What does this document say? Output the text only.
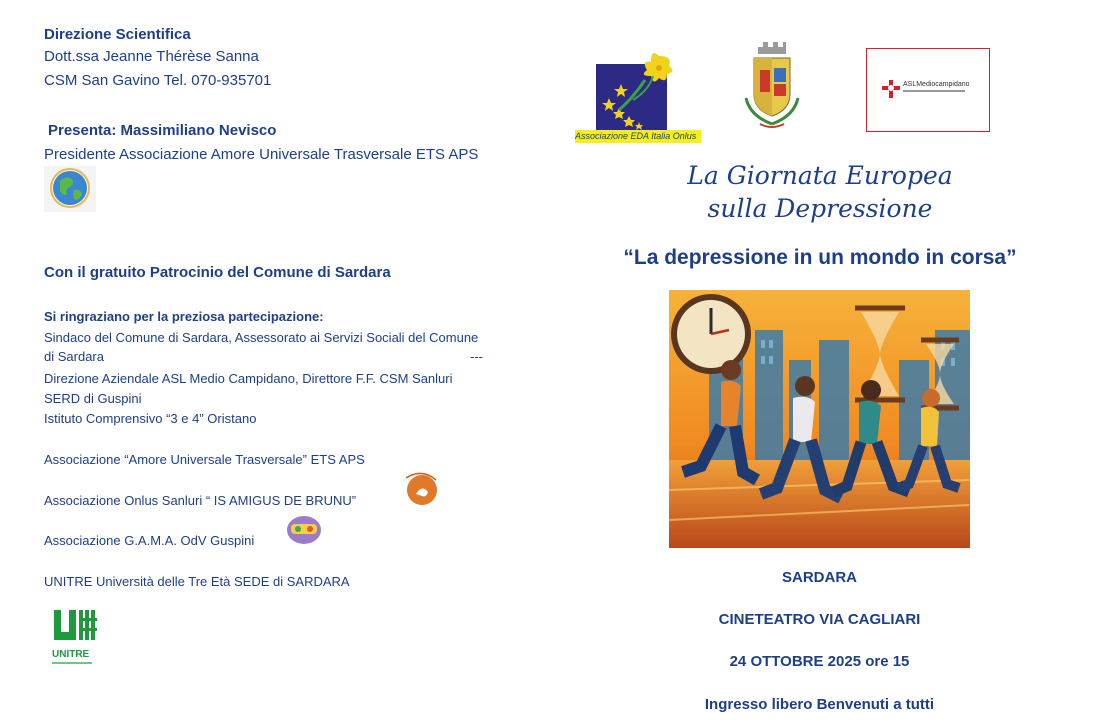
Direzione Scientifica
Dott.ssa Jeanne Thérèse Sanna
CSM San Gavino Tel. 070-935701
Presenta: Massimiliano Nevisco
Presidente Associazione Amore Universale Trasversale ETS APS
Con il gratuito Patrocinio del Comune di Sardara
Si ringraziano per la preziosa partecipazione:
Sindaco del Comune di Sardara, Assessorato ai Servizi Sociali del Comune
di Sardara	---
Direzione Aziendale ASL Medio Campidano, Direttore F.F. CSM Sanluri
SERD di Guspini
Istituto Comprensivo “3 e 4” Oristano
Associazione “Amore Universale Trasversale” ETS APS
Associazione Onlus Sanluri “ IS AMIGUS DE BRUNU”
Associazione G.A.M.A. OdV Guspini
UNITRE Università delle Tre Età SEDE di SARDARA
UNITRE
Associazione EDA Italia Onlus
ASLMediocampidano
La Giornata Europea
sulla Depressione
“La depressione in un mondo in corsa”
SARDARA
CINETEATRO VIA CAGLIARI
24 OTTOBRE 2025 ore 15
Ingresso libero Benvenuti a tutti
